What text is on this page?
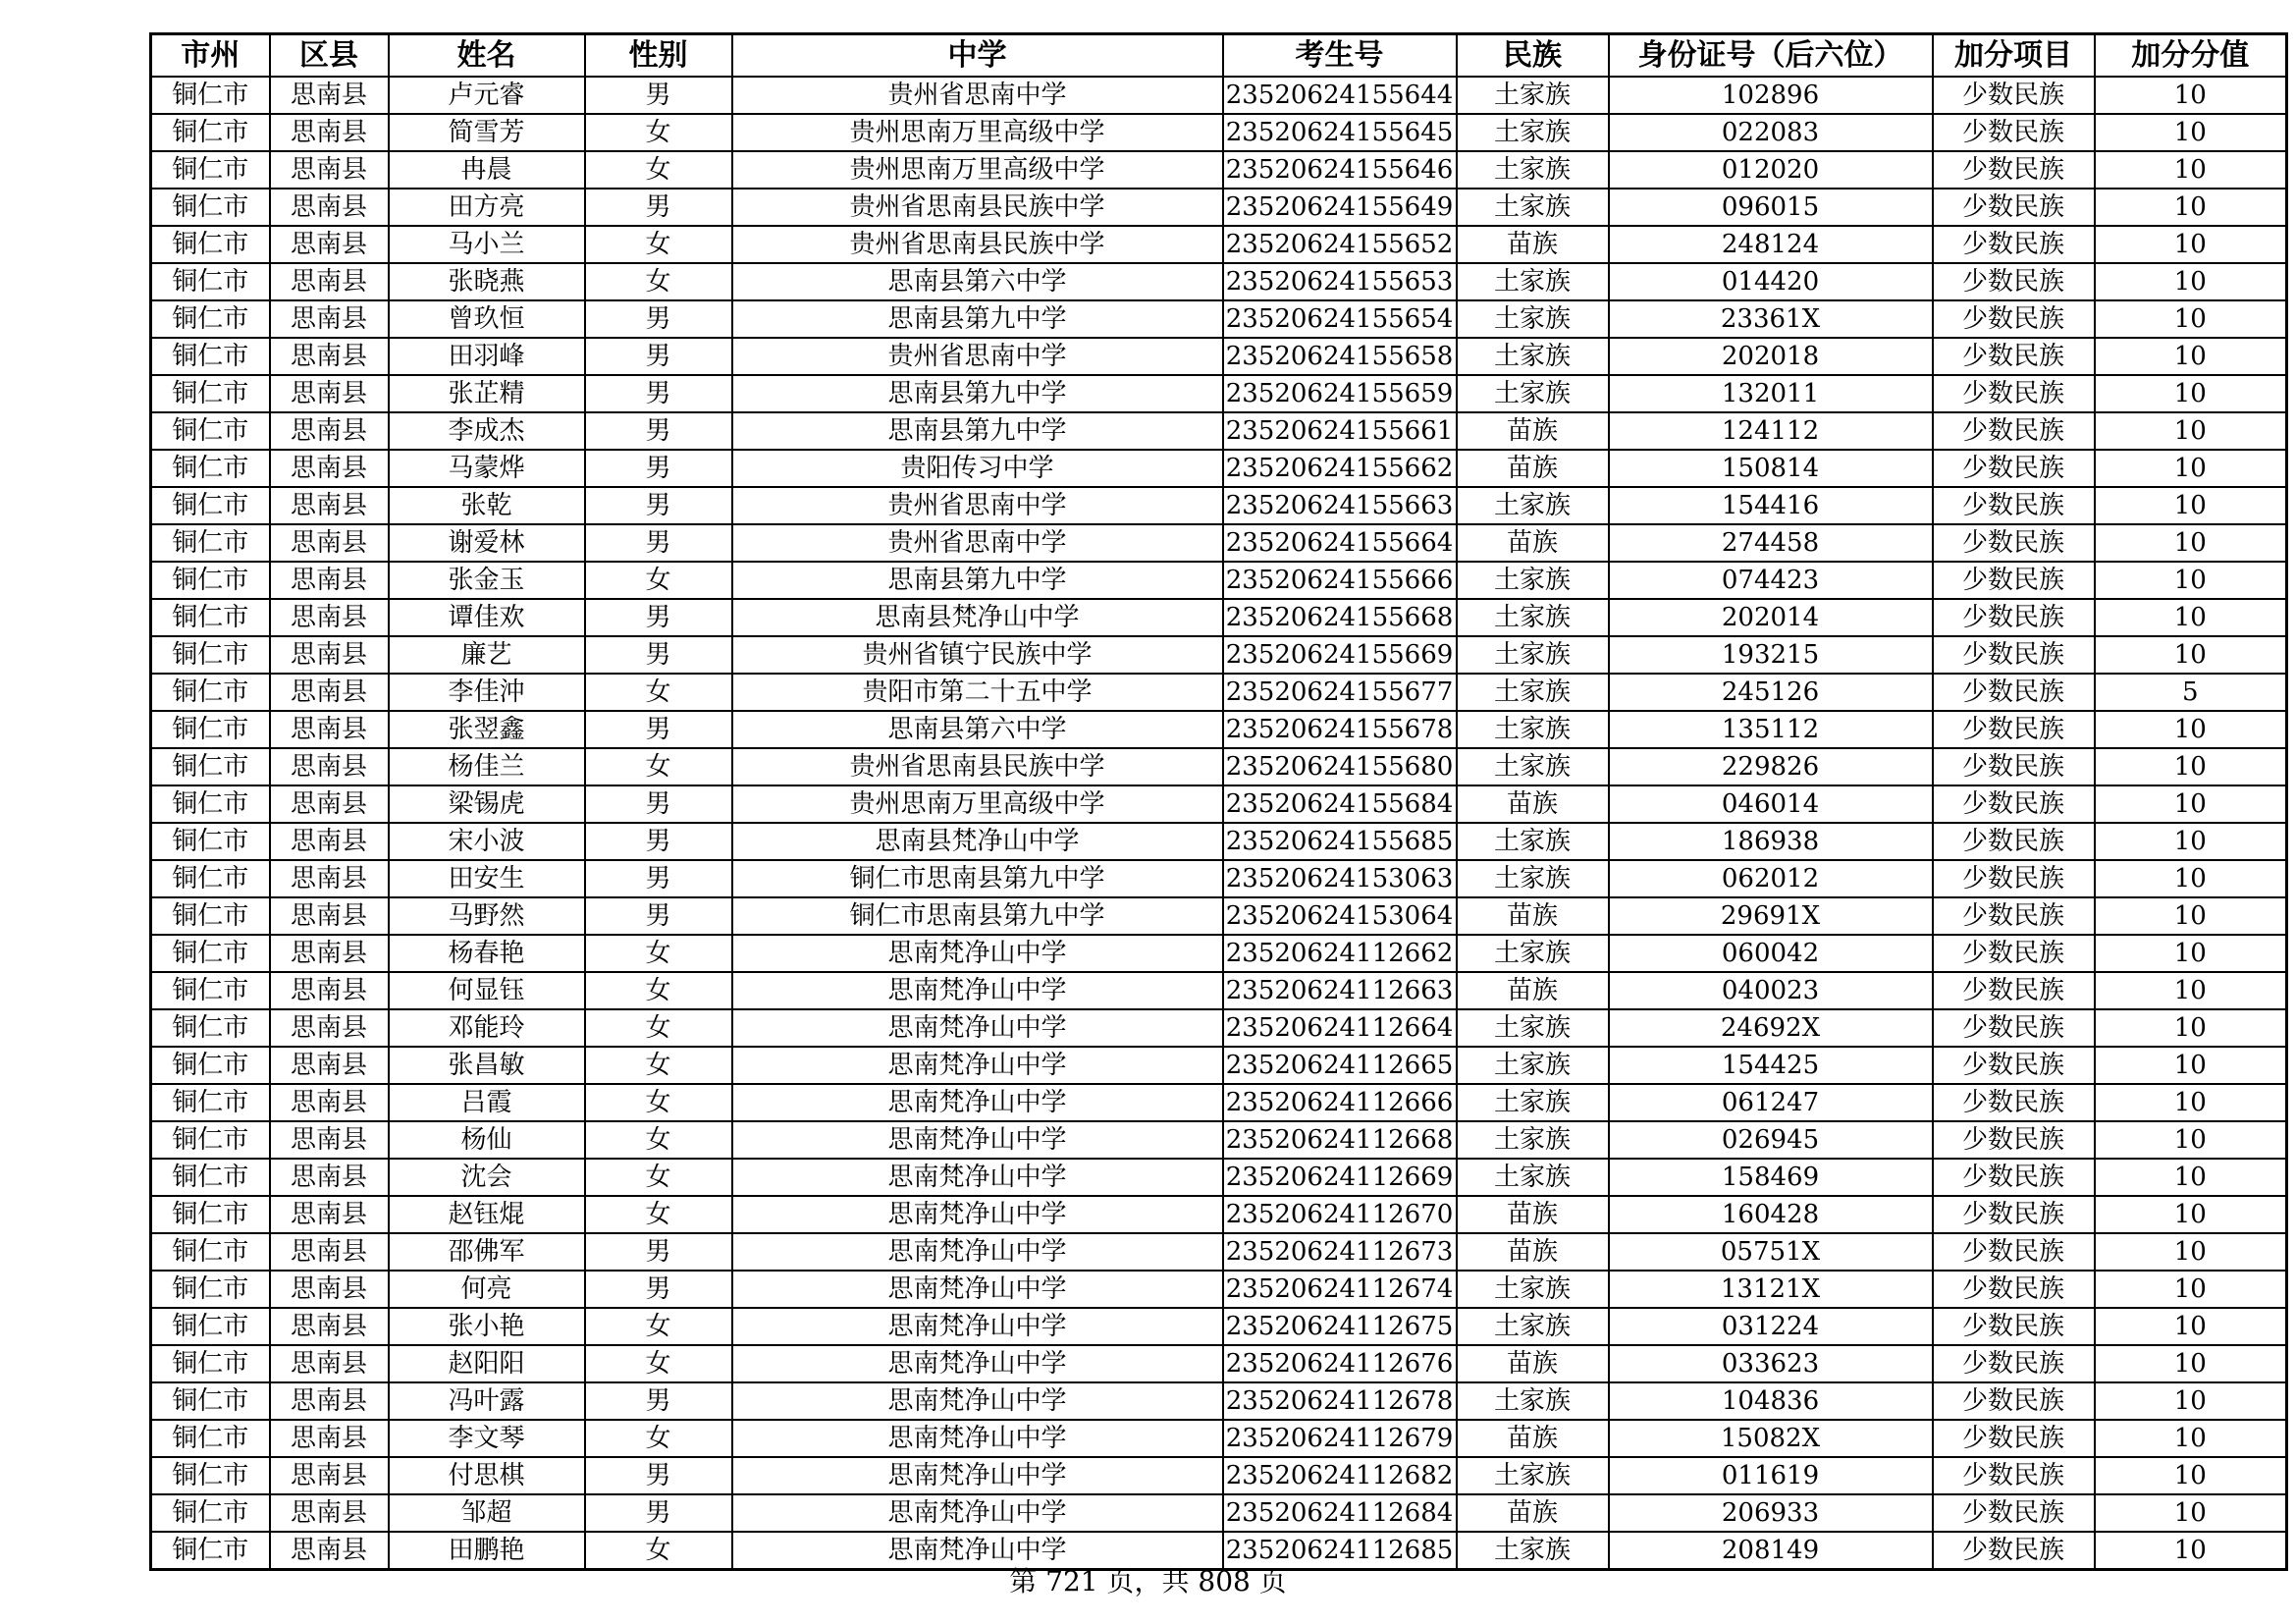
市州	区县	姓名	性别	中学	考生号	民族	身份证号（后六位）	加分项目	加分分值
铜仁市	思南县	卢元睿	男	贵州省思南中学	23520624155644	土家族	102896	少数民族	10
铜仁市	思南县	简雪芳	女	贵州思南万里高级中学	23520624155645	土家族	022083	少数民族	10
铜仁市	思南县	冉晨	女	贵州思南万里高级中学	23520624155646	土家族	012020	少数民族	10
铜仁市	思南县	田方亮	男	贵州省思南县民族中学	23520624155649	土家族	096015	少数民族	10
铜仁市	思南县	马小兰	女	贵州省思南县民族中学	23520624155652	苗族	248124	少数民族	10
铜仁市	思南县	张晓燕	女	思南县第六中学	23520624155653	土家族	014420	少数民族	10
铜仁市	思南县	曾玖恒	男	思南县第九中学	23520624155654	土家族	23361X	少数民族	10
铜仁市	思南县	田羽峰	男	贵州省思南中学	23520624155658	土家族	202018	少数民族	10
铜仁市	思南县	张芷精	男	思南县第九中学	23520624155659	土家族	132011	少数民族	10
铜仁市	思南县	李成杰	男	思南县第九中学	23520624155661	苗族	124112	少数民族	10
铜仁市	思南县	马蒙烨	男	贵阳传习中学	23520624155662	苗族	150814	少数民族	10
铜仁市	思南县	张乾	男	贵州省思南中学	23520624155663	土家族	154416	少数民族	10
铜仁市	思南县	谢爱林	男	贵州省思南中学	23520624155664	苗族	274458	少数民族	10
铜仁市	思南县	张金玉	女	思南县第九中学	23520624155666	土家族	074423	少数民族	10
铜仁市	思南县	谭佳欢	男	思南县梵净山中学	23520624155668	土家族	202014	少数民族	10
铜仁市	思南县	廉艺	男	贵州省镇宁民族中学	23520624155669	土家族	193215	少数民族	10
铜仁市	思南县	李佳沖	女	贵阳市第二十五中学	23520624155677	土家族	245126	少数民族	5
铜仁市	思南县	张翌鑫	男	思南县第六中学	23520624155678	土家族	135112	少数民族	10
铜仁市	思南县	杨佳兰	女	贵州省思南县民族中学	23520624155680	土家族	229826	少数民族	10
铜仁市	思南县	梁锡虎	男	贵州思南万里高级中学	23520624155684	苗族	046014	少数民族	10
铜仁市	思南县	宋小波	男	思南县梵净山中学	23520624155685	土家族	186938	少数民族	10
铜仁市	思南县	田安生	男	铜仁市思南县第九中学	23520624153063	土家族	062012	少数民族	10
铜仁市	思南县	马野然	男	铜仁市思南县第九中学	23520624153064	苗族	29691X	少数民族	10
铜仁市	思南县	杨春艳	女	思南梵净山中学	23520624112662	土家族	060042	少数民族	10
铜仁市	思南县	何显钰	女	思南梵净山中学	23520624112663	苗族	040023	少数民族	10
铜仁市	思南县	邓能玲	女	思南梵净山中学	23520624112664	土家族	24692X	少数民族	10
铜仁市	思南县	张昌敏	女	思南梵净山中学	23520624112665	土家族	154425	少数民族	10
铜仁市	思南县	吕霞	女	思南梵净山中学	23520624112666	土家族	061247	少数民族	10
铜仁市	思南县	杨仙	女	思南梵净山中学	23520624112668	土家族	026945	少数民族	10
铜仁市	思南县	沈会	女	思南梵净山中学	23520624112669	土家族	158469	少数民族	10
铜仁市	思南县	赵钰焜	女	思南梵净山中学	23520624112670	苗族	160428	少数民族	10
铜仁市	思南县	邵佛军	男	思南梵净山中学	23520624112673	苗族	05751X	少数民族	10
铜仁市	思南县	何亮	男	思南梵净山中学	23520624112674	土家族	13121X	少数民族	10
铜仁市	思南县	张小艳	女	思南梵净山中学	23520624112675	土家族	031224	少数民族	10
铜仁市	思南县	赵阳阳	女	思南梵净山中学	23520624112676	苗族	033623	少数民族	10
铜仁市	思南县	冯叶露	男	思南梵净山中学	23520624112678	土家族	104836	少数民族	10
铜仁市	思南县	李文琴	女	思南梵净山中学	23520624112679	苗族	15082X	少数民族	10
铜仁市	思南县	付思棋	男	思南梵净山中学	23520624112682	土家族	011619	少数民族	10
铜仁市	思南县	邹超	男	思南梵净山中学	23520624112684	苗族	206933	少数民族	10
铜仁市	思南县	田鹏艳	女	思南梵净山中学	23520624112685	土家族	208149	少数民族	10
第 721 页，共 808 页
